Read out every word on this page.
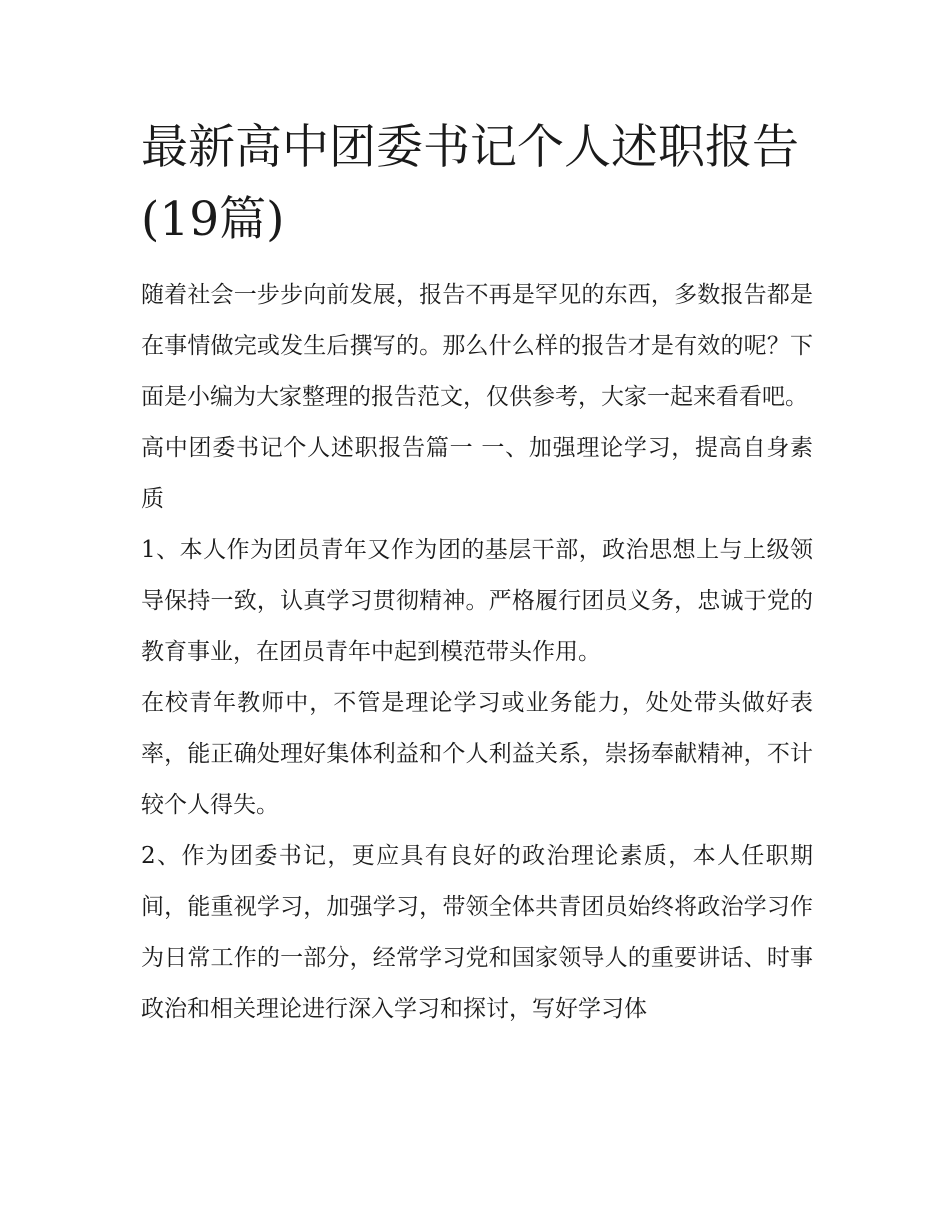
最新高中团委书记个人述职报告(19篇)

随着社会一步步向前发展，报告不再是罕见的东西，多数报告都是在事情做完或发生后撰写的。那么什么样的报告才是有效的呢？下面是小编为大家整理的报告范文，仅供参考，大家一起来看看吧。

高中团委书记个人述职报告篇一 一、加强理论学习，提高自身素质

1、本人作为团员青年又作为团的基层干部，政治思想上与上级领导保持一致，认真学习贯彻精神。严格履行团员义务，忠诚于党的教育事业，在团员青年中起到模范带头作用。

在校青年教师中，不管是理论学习或业务能力，处处带头做好表率，能正确处理好集体利益和个人利益关系，崇扬奉献精神，不计较个人得失。

2、作为团委书记，更应具有良好的政治理论素质，本人任职期间，能重视学习，加强学习，带领全体共青团员始终将政治学习作为日常工作的一部分，经常学习党和国家领导人的重要讲话、时事政治和相关理论进行深入学习和探讨，写好学习体
